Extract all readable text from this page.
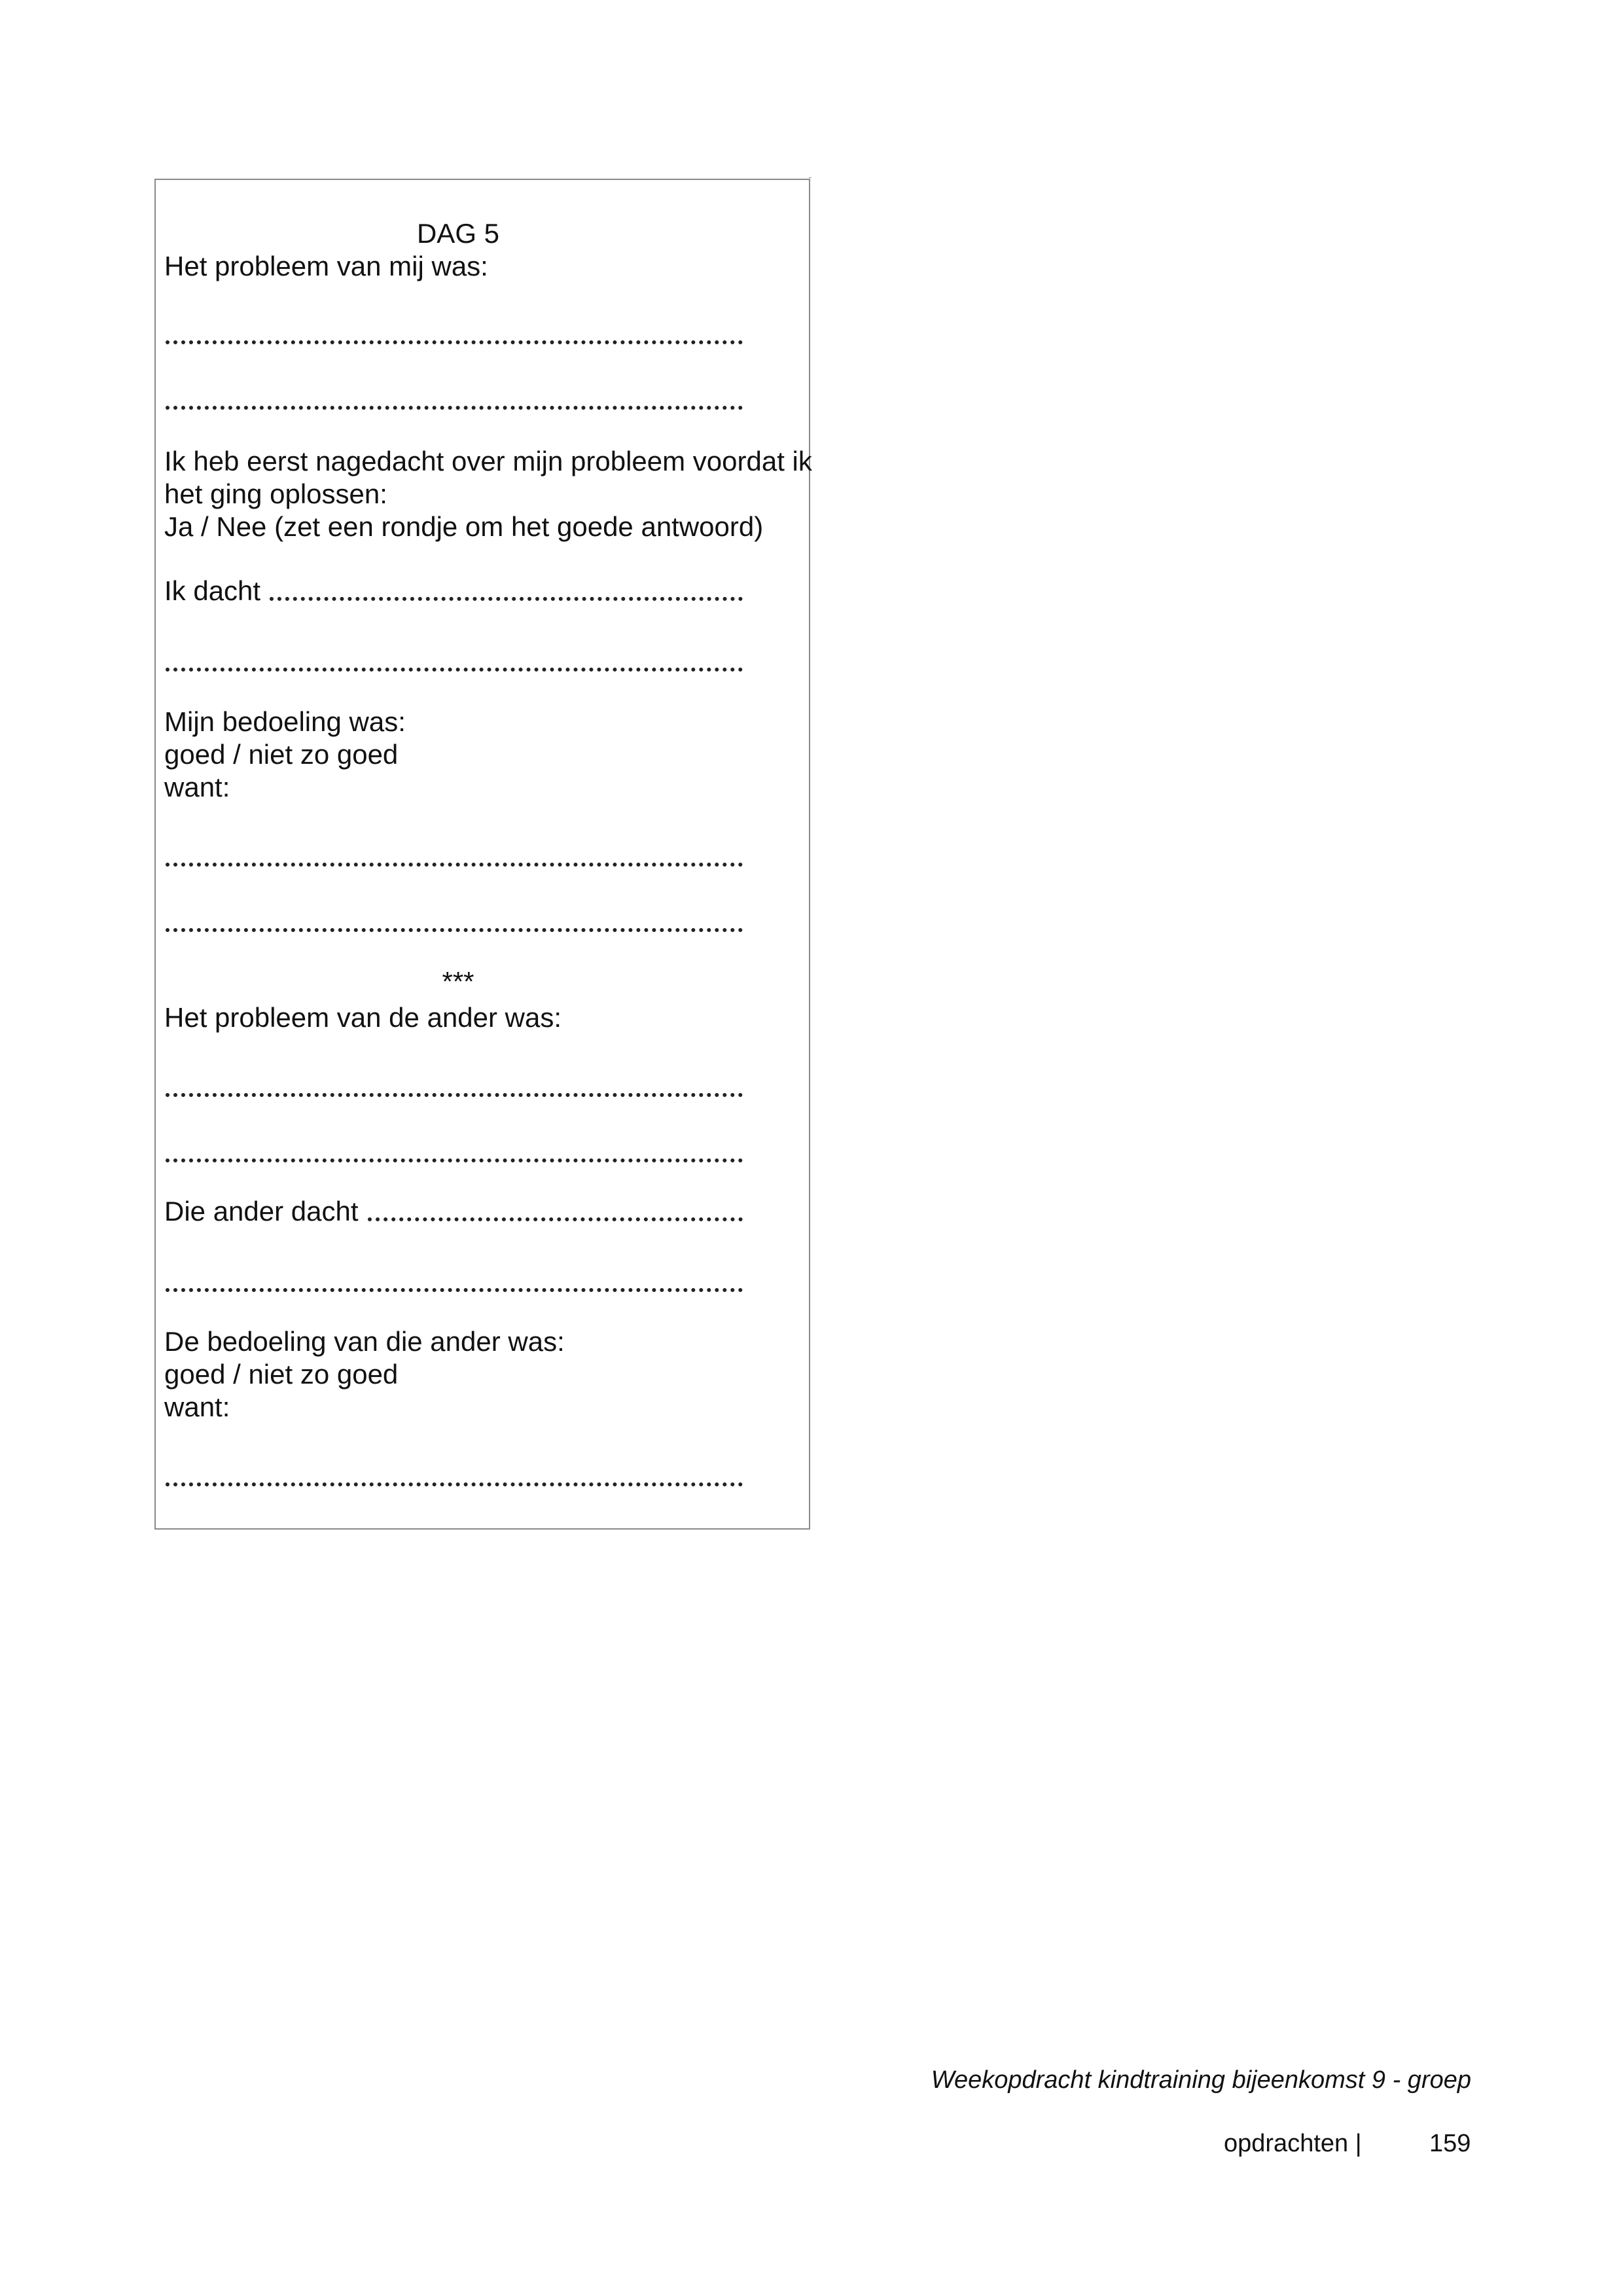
DAG 5

Het probleem van mij was:

Ik heb eerst nagedacht over mijn probleem voordat ik

het ging oplossen:

Ja / Nee (zet een rondje om het goede antwoord)

Ik dacht

Mijn bedoeling was:

goed / niet zo goed

want:

***

Het probleem van de ander was:

Die ander dacht

De bedoeling van die ander was:

goed / niet zo goed

want:

Weekopdracht kindtraining bijeenkomst 9 - groep
opdrachten |	159
